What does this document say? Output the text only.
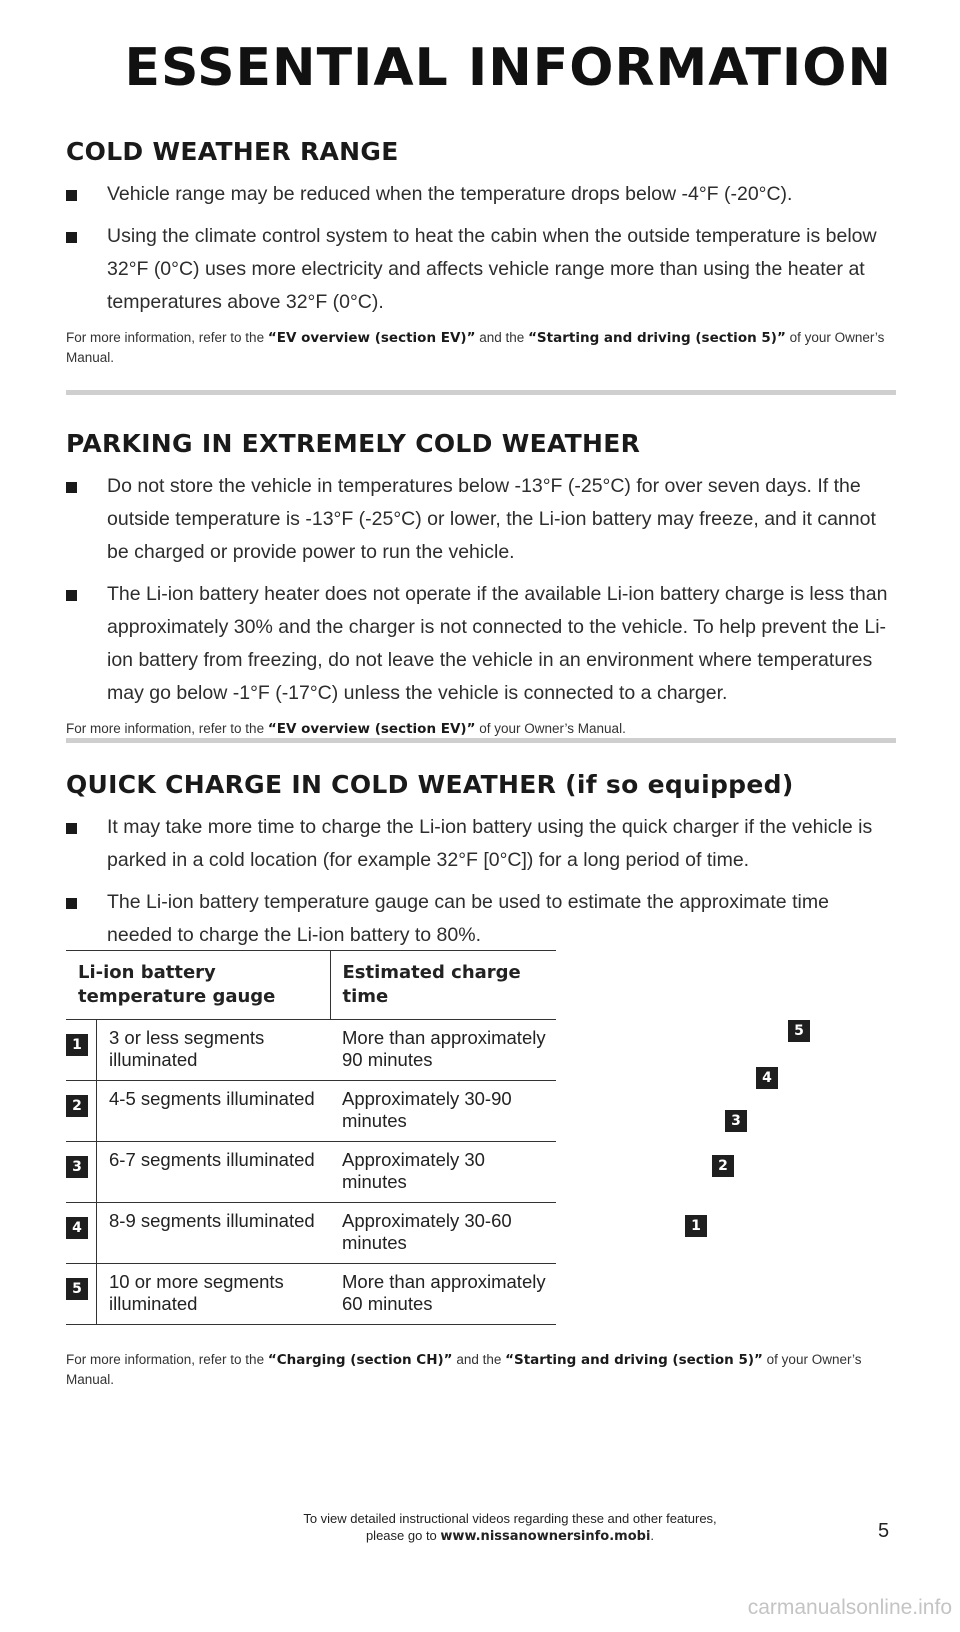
ESSENTIAL INFORMATION
COLD WEATHER RANGE
Vehicle range may be reduced when the temperature drops below -4°F (-20°C).
Using the climate control system to heat the cabin when the outside temperature is below 32°F (0°C) uses more electricity and affects vehicle range more than using the heater at temperatures above 32°F (0°C).

For more information, refer to the “EV overview (section EV)” and the “Starting and driving (section 5)” of your Owner’s Manual.

PARKING IN EXTREMELY COLD WEATHER
Do not store the vehicle in temperatures below -13°F (-25°C) for over seven days. If the outside temperature is -13°F (-25°C) or lower, the Li-ion battery may freeze, and it cannot be charged or provide power to run the vehicle.
The Li-ion battery heater does not operate if the available Li-ion battery charge is less than approximately 30% and the charger is not connected to the vehicle. To help prevent the Li-ion battery from freezing, do not leave the vehicle in an environment where temperatures may go below -1°F (-17°C) unless the vehicle is connected to a charger.

For more information, refer to the “EV overview (section EV)” of your Owner’s Manual.

QUICK CHARGE IN COLD WEATHER (if so equipped)
It may take more time to charge the Li-ion battery using the quick charger if the vehicle is parked in a cold location (for example 32°F [0°C]) for a long period of time.
The Li-ion battery temperature gauge can be used to estimate the approximate time needed to charge the Li-ion battery to 80%.
Li-ion battery temperature gauge		Estimated charge time
1	3 or less segments illuminated	More than approximately 90 minutes
2	4-5 segments illuminated	Approximately 30-90 minutes
3	6-7 segments illuminated	Approximately 30 minutes
4	8-9 segments illuminated	Approximately 30-60 minutes
5	10 or more segments illuminated	More than approximately 60 minutes
5
4
3
2
1

For more information, refer to the “Charging (section CH)” and the “Starting and driving (section 5)” of your Owner’s Manual.

To view detailed instructional videos regarding these and other features,
please go to www.nissanownersinfo.mobi.	5

carmanualsonline.info
